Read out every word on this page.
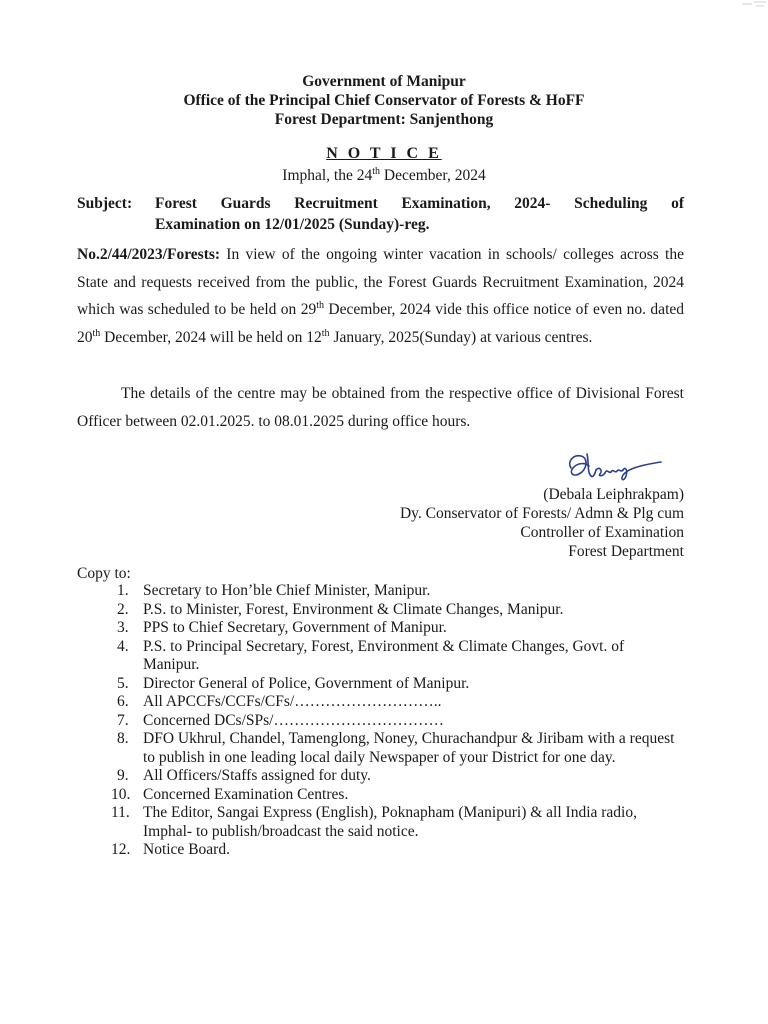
Government of Manipur
Office of the Principal Chief Conservator of Forests & HoFF
Forest Department: Sanjenthong
N O T I C E
Imphal, the 24th December, 2024
Subject: Forest Guards Recruitment Examination, 2024- Scheduling of
Examination on 12/01/2025 (Sunday)-reg.
No.2/44/2023/Forests: In view of the ongoing winter vacation in schools/ colleges across the State and requests received from the public, the Forest Guards Recruitment Examination, 2024 which was scheduled to be held on 29th December, 2024 vide this office notice of even no. dated 20th December, 2024 will be held on 12th January, 2025(Sunday) at various centres.
The details of the centre may be obtained from the respective office of Divisional Forest Officer between 02.01.2025. to 08.01.2025 during office hours.
(Debala Leiphrakpam)
Dy. Conservator of Forests/ Admn & Plg cum
Controller of Examination
Forest Department
Copy to:
1. Secretary to Hon’ble Chief Minister, Manipur.
2. P.S. to Minister, Forest, Environment & Climate Changes, Manipur.
3. PPS to Chief Secretary, Government of Manipur.
4. P.S. to Principal Secretary, Forest, Environment & Climate Changes, Govt. of Manipur.
5. Director General of Police, Government of Manipur.
6. All APCCFs/CCFs/CFs/………………………..
7. Concerned DCs/SPs/……………………………
8. DFO Ukhrul, Chandel, Tamenglong, Noney, Churachandpur & Jiribam with a request to publish in one leading local daily Newspaper of your District for one day.
9. All Officers/Staffs assigned for duty.
10. Concerned Examination Centres.
11. The Editor, Sangai Express (English), Poknapham (Manipuri) & all India radio, Imphal- to publish/broadcast the said notice.
12. Notice Board.
